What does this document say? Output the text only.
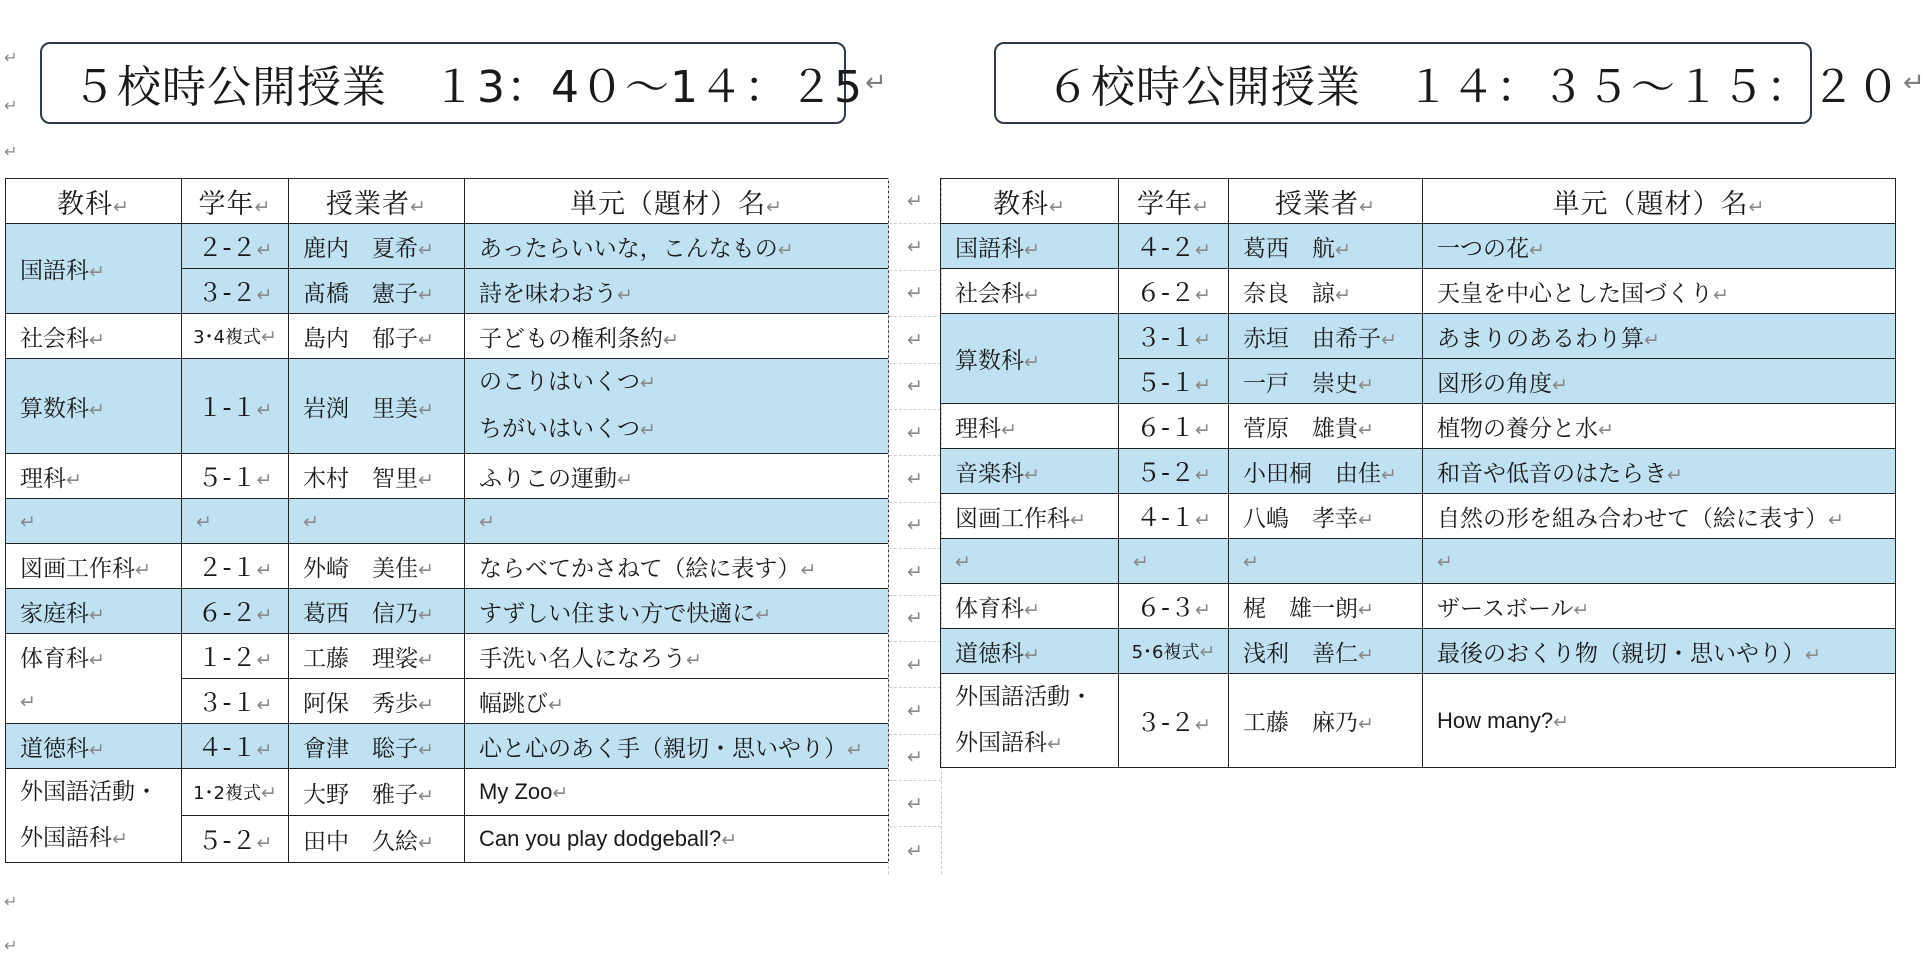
↵
↵
↵
↵
↵
５校時公開授業　１3：4０～1４：２5 ↵	６校時公開授業　１４：３５～１５：２０ ↵
教科↵	学年↵	授業者↵	単元（題材）名↵
国語科↵	２-２↵	鹿内　夏希↵	あったらいいな，こんなもの↵
	３-２↵	髙橋　憲子↵	詩を味わおう↵
社会科↵	3･4複式↵	島内　郁子↵	子どもの権利条約↵
算数科↵	１-１↵	岩渕　里美↵	のこりはいくつ↵
ちがいはいくつ↵

理科↵	５-１↵	木村　智里↵	ふりこの運動↵
↵	↵	↵	↵
図画工作科↵	２-１↵	外崎　美佳↵	ならべてかさねて（絵に表す）↵
家庭科↵	６-２↵	葛西　信乃↵	すずしい住まい方で快適に↵
体育科↵	１-２↵	工藤　理裟↵	手洗い名人になろう↵
↵	３-１↵	阿保　秀歩↵	幅跳び↵
道徳科↵	４-１↵	會津　聡子↵	心と心のあく手（親切・思いやり）↵

外国語活動・
外国語科↵	1･2複式↵	大野　雅子↵	My Zoo↵
	５-２↵	田中　久絵↵	Can you play dodgeball?↵
↵
↵
↵
↵
↵
↵
↵
↵
↵
↵
↵
↵
↵
↵
↵
教科↵	学年↵	授業者↵	単元（題材）名↵
国語科↵	４-２↵	葛西　航↵	一つの花↵

社会科↵	６-２↵	奈良　諒↵	天皇を中心とした国づくり↵
算数科↵	３-１↵	赤垣　由希子↵	あまりのあるわり算↵
	５-１↵	一戸　崇史↵	図形の角度↵
理科↵	６-１↵	菅原　雄貴↵	植物の養分と水↵
音楽科↵	５-２↵	小田桐　由佳↵	和音や低音のはたらき↵
図画工作科↵	４-１↵	八嶋　孝幸↵	自然の形を組み合わせて（絵に表す）↵
↵	↵	↵	↵
体育科↵	６-３↵	梶　雄一朗↵	ザースボール↵

道徳科↵	5･6複式↵	浅利　善仁↵	最後のおくり物（親切・思いやり）↵

外国語活動・
外国語科↵	３-２↵	工藤　麻乃↵	How many?↵
